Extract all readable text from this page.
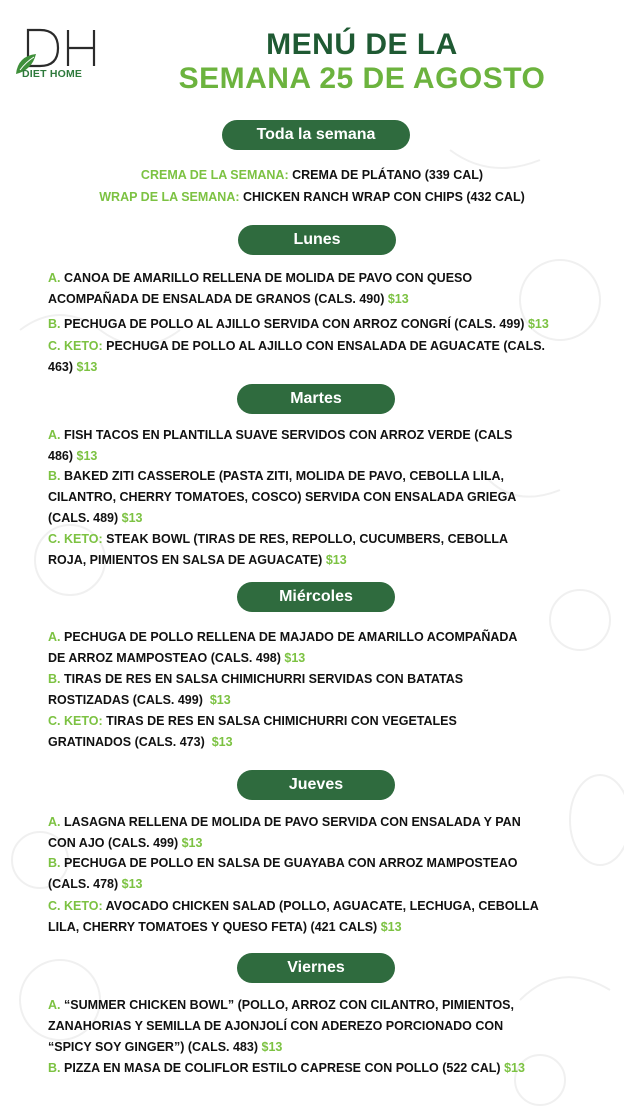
DIET HOME
MENÚ DE LA
SEMANA 25 DE AGOSTO
Toda la semana
CREMA DE LA SEMANA: CREMA DE PLÁTANO (339 CAL)
WRAP DE LA SEMANA: CHICKEN RANCH WRAP CON CHIPS (432 CAL)
Lunes
A. CANOA DE AMARILLO RELLENA DE MOLIDA DE PAVO CON QUESO
ACOMPAÑADA DE ENSALADA DE GRANOS (CALS. 490) $13
B. PECHUGA DE POLLO AL AJILLO SERVIDA CON ARROZ CONGRÍ (CALS. 499) $13
C. KETO: PECHUGA DE POLLO AL AJILLO CON ENSALADA DE AGUACATE (CALS.
463) $13
Martes
A. FISH TACOS EN PLANTILLA SUAVE SERVIDOS CON ARROZ VERDE (CALS
486) $13
B. BAKED ZITI CASSEROLE (PASTA ZITI, MOLIDA DE PAVO, CEBOLLA LILA,
CILANTRO, CHERRY TOMATOES, COSCO) SERVIDA CON ENSALADA GRIEGA
(CALS. 489) $13
C. KETO: STEAK BOWL (TIRAS DE RES, REPOLLO, CUCUMBERS, CEBOLLA
ROJA, PIMIENTOS EN SALSA DE AGUACATE) $13
Miércoles
A. PECHUGA DE POLLO RELLENA DE MAJADO DE AMARILLO ACOMPAÑADA
DE ARROZ MAMPOSTEAO (CALS. 498) $13
B. TIRAS DE RES EN SALSA CHIMICHURRI SERVIDAS CON BATATAS
ROSTIZADAS (CALS. 499) $13
C. KETO: TIRAS DE RES EN SALSA CHIMICHURRI CON VEGETALES
GRATINADOS (CALS. 473) $13
Jueves
A. LASAGNA RELLENA DE MOLIDA DE PAVO SERVIDA CON ENSALADA Y PAN
CON AJO (CALS. 499) $13
B. PECHUGA DE POLLO EN SALSA DE GUAYABA CON ARROZ MAMPOSTEAO
(CALS. 478) $13
C. KETO: AVOCADO CHICKEN SALAD (POLLO, AGUACATE, LECHUGA, CEBOLLA
LILA, CHERRY TOMATOES Y QUESO FETA) (421 CALS) $13
Viernes
A. “SUMMER CHICKEN BOWL” (POLLO, ARROZ CON CILANTRO, PIMIENTOS,
ZANAHORIAS Y SEMILLA DE AJONJOLÍ CON ADEREZO PORCIONADO CON
“SPICY SOY GINGER”) (CALS. 483) $13
B. PIZZA EN MASA DE COLIFLOR ESTILO CAPRESE CON POLLO (522 CAL) $13
